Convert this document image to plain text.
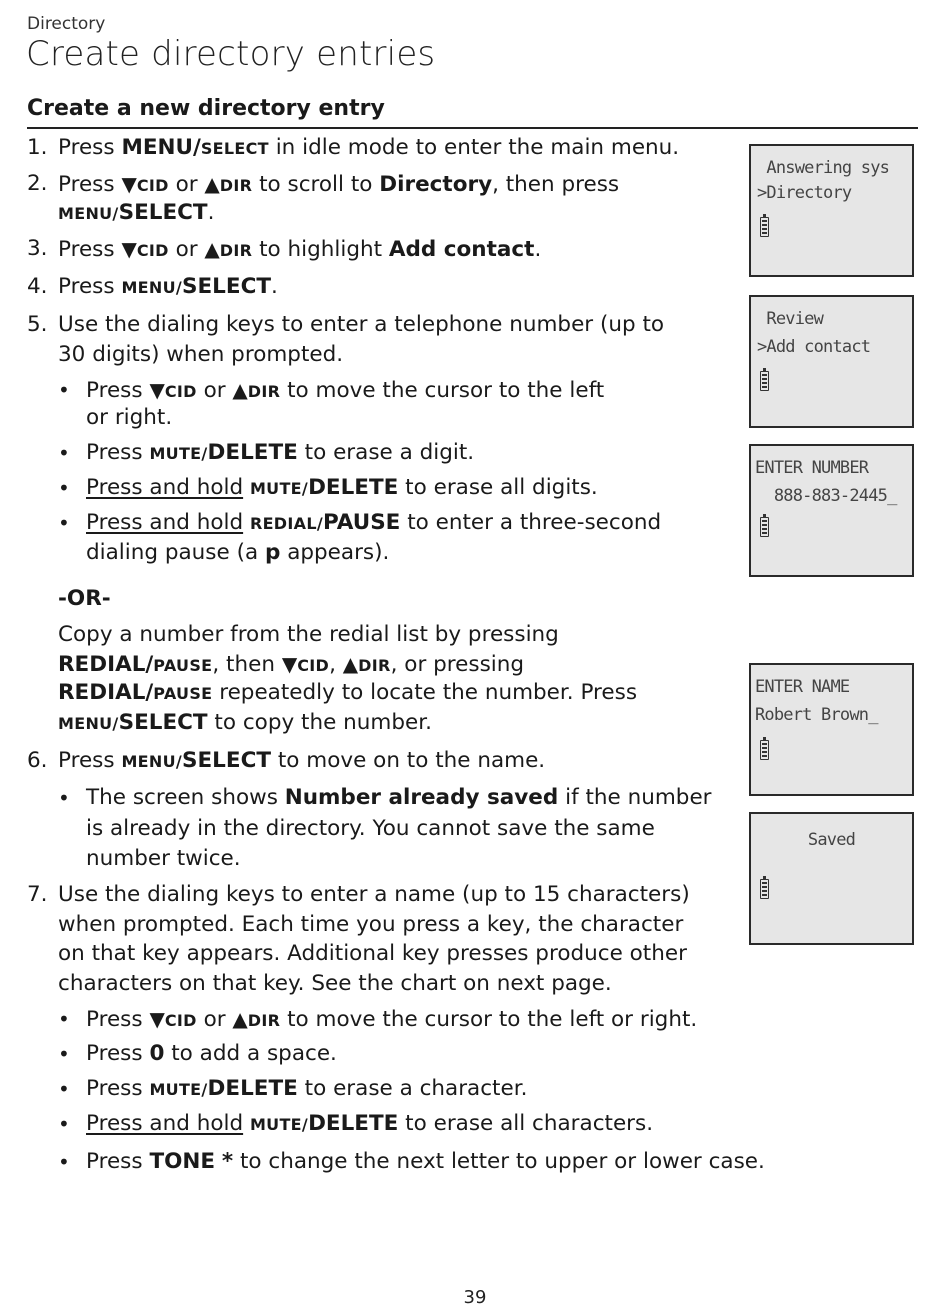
Directory
Create directory entries
Create a new directory entry
1. Press MENU/SELECT in idle mode to enter the main menu.
2. Press ▼CID or ▲DIR to scroll to Directory, then press
MENU/SELECT.
3. Press ▼CID or ▲DIR to highlight Add contact.
4. Press MENU/SELECT.
5. Use the dialing keys to enter a telephone number (up to
30 digits) when prompted.
• Press ▼CID or ▲DIR to move the cursor to the left
or right.
• Press MUTE/DELETE to erase a digit.
• Press and hold MUTE/DELETE to erase all digits.
• Press and hold REDIAL/PAUSE to enter a three-second
dialing pause (a p appears).
-OR-
Copy a number from the redial list by pressing
REDIAL/PAUSE, then ▼CID, ▲DIR, or pressing
REDIAL/PAUSE repeatedly to locate the number. Press
MENU/SELECT to copy the number.
6. Press MENU/SELECT to move on to the name.
• The screen shows Number already saved if the number
is already in the directory. You cannot save the same
number twice.
7. Use the dialing keys to enter a name (up to 15 characters)
when prompted. Each time you press a key, the character
on that key appears. Additional key presses produce other
characters on that key. See the chart on next page.
• Press ▼CID or ▲DIR to move the cursor to the left or right.
• Press 0 to add a space.
• Press MUTE/DELETE to erase a character.
• Press and hold MUTE/DELETE to erase all characters.
• Press TONE * to change the next letter to upper or lower case.
Answering sys
>Directory
Review
>Add contact
ENTER NUMBER
888-883-2445_
ENTER NAME
Robert Brown_
Saved
39
